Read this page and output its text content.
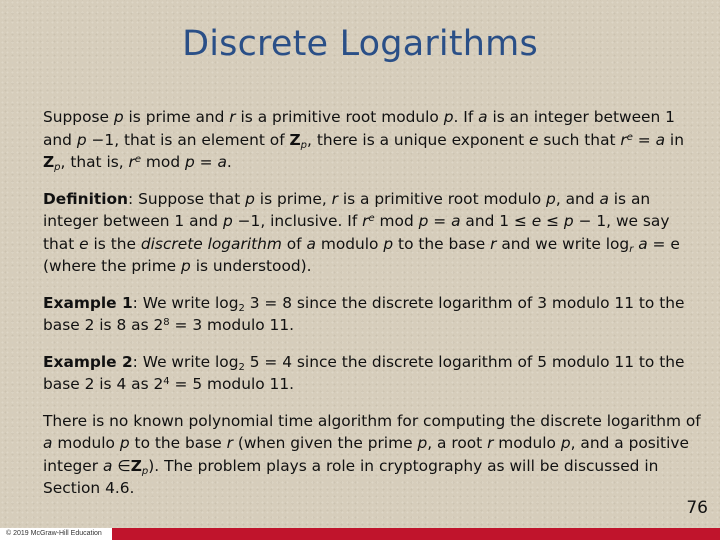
Discrete Logarithms

Suppose p is prime and r is a primitive root modulo p. If a is an integer between 1 and p −1, that is an element of $Z_p$, there is a unique exponent e such that $r^e = a$ in $Z_p$, that is, $r^e$ mod p = a.

Definition: Suppose that p is prime, r is a primitive root modulo p, and a is an integer between 1 and p −1, inclusive. If $r^e$ mod p = a and 1 ≤ e ≤ p − 1, we say that e is the discrete logarithm of a modulo p to the base r and we write $\log_r a = e$ (where the prime p is understood).

Example 1: We write $\log_2 3 = 8$ since the discrete logarithm of 3 modulo 11 to the base 2 is 8 as $2^8 = 3$ modulo 11.

Example 2: We write $\log_2 5 = 4$ since the discrete logarithm of 5 modulo 11 to the base 2 is 4 as $2^4 = 5$ modulo 11.

There is no known polynomial time algorithm for computing the discrete logarithm of a modulo p to the base r (when given the prime p, a root r modulo p, and a positive integer a $\in Z_p$). The problem plays a role in cryptography as will be discussed in Section 4.6.

76
© 2019 McGraw-Hill Education
